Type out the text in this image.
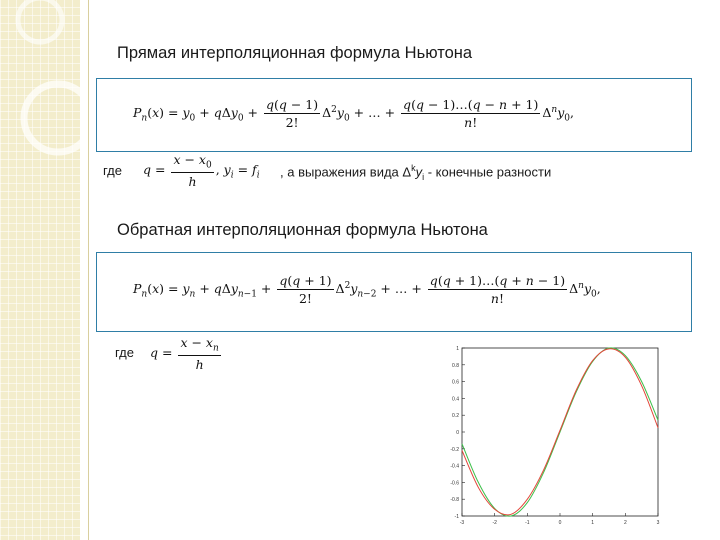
Прямая интерполяционная формула Ньютона
$P_n(x) = y_0 + q\Delta y_0 + \frac{q(q - 1)}{2!} \Delta^2y_0$ + … + $\frac{q(q - 1)\dots(q - n + 1)}{n!} \Delta^ny_0$,
где $q = \frac{x - x_0}{h}$ , $y_i = f_i$ , а выражения вида $\Delta^ky_i$ - конечные разности
Обратная интерполяционная формула Ньютона
$P_n(x) = y_n + q\Delta y_{n-1} + \frac{q(q + 1)}{2!} \Delta^2y_{n-2}$ + … + $\frac{q(q + 1)\dots(q + n - 1)}{n!} \Delta^ny_0$,
где $q = \frac{x - x_n}{h}$
-1
-0.8
-0.6
-0.4
-0.2
0
0.2
0.4
0.6
0.8
1
-3	-2	-1	0	1	2	3
